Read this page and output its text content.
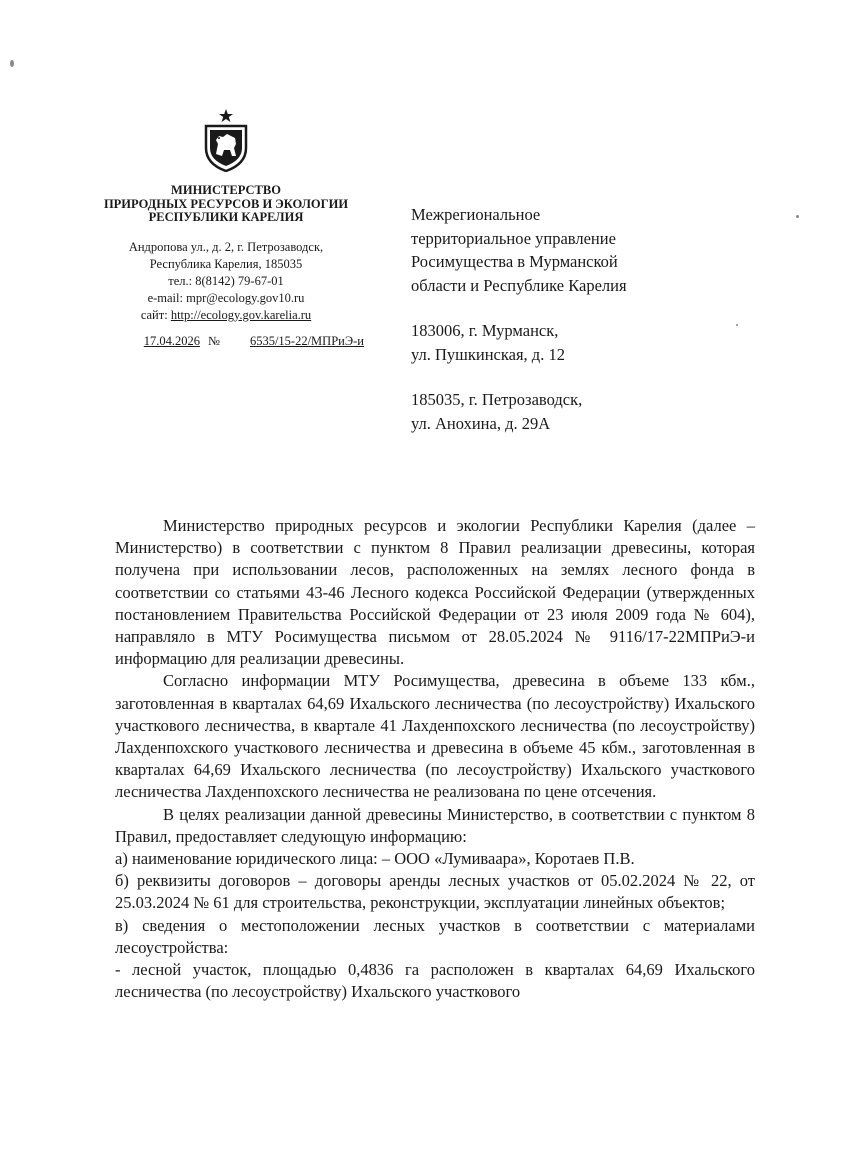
МИНИСТЕРСТВО
ПРИРОДНЫХ РЕСУРСОВ И ЭКОЛОГИИ
РЕСПУБЛИКИ КАРЕЛИЯ
Андропова ул., д. 2, г. Петрозаводск,
Республика Карелия, 185035
тел.: 8(8142) 79-67-01
e-mail: mpr@ecology.gov10.ru
сайт: http://ecology.gov.karelia.ru
17.04.2026 № 6535/15-22/МПРиЭ-и

Межрегиональное

территориальное управление

Росимущества в Мурманской

области и Республике Карелия

183006, г. Мурманск,

ул. Пушкинская, д. 12

185035, г. Петрозаводск,

ул. Анохина, д. 29А

Министерство природных ресурсов и экологии Республики Карелия (далее – Министерство) в соответствии с пунктом 8 Правил реализации древесины, которая получена при использовании лесов, расположенных на землях лесного фонда в соответствии со статьями 43-46 Лесного кодекса Российской Федерации (утвержденных постановлением Правительства Российской Федерации от 23 июля 2009 года № 604), направляло в МТУ Росимущества письмом от 28.05.2024 № 9116/17-22МПРиЭ-и информацию для реализации древесины.

Согласно информации МТУ Росимущества, древесина в объеме 133 кбм., заготовленная в кварталах 64,69 Ихальского лесничества (по лесоустройству) Ихальского участкового лесничества, в квартале 41 Лахденпохского лесничества (по лесоустройству) Лахденпохского участкового лесничества и древесина в объеме 45 кбм., заготовленная в кварталах 64,69 Ихальского лесничества (по лесоустройству) Ихальского участкового лесничества Лахденпохского лесничества не реализована по цене отсечения.

В целях реализации данной древесины Министерство, в соответствии с пунктом 8 Правил, предоставляет следующую информацию:

а) наименование юридического лица: – ООО «Лумиваара», Коротаев П.В.

б) реквизиты договоров – договоры аренды лесных участков от 05.02.2024 № 22, от 25.03.2024 № 61 для строительства, реконструкции, эксплуатации линейных объектов;

в) сведения о местоположении лесных участков в соответствии с материалами лесоустройства:

- лесной участок, площадью 0,4836 га расположен в кварталах 64,69 Ихальского лесничества (по лесоустройству) Ихальского участкового
